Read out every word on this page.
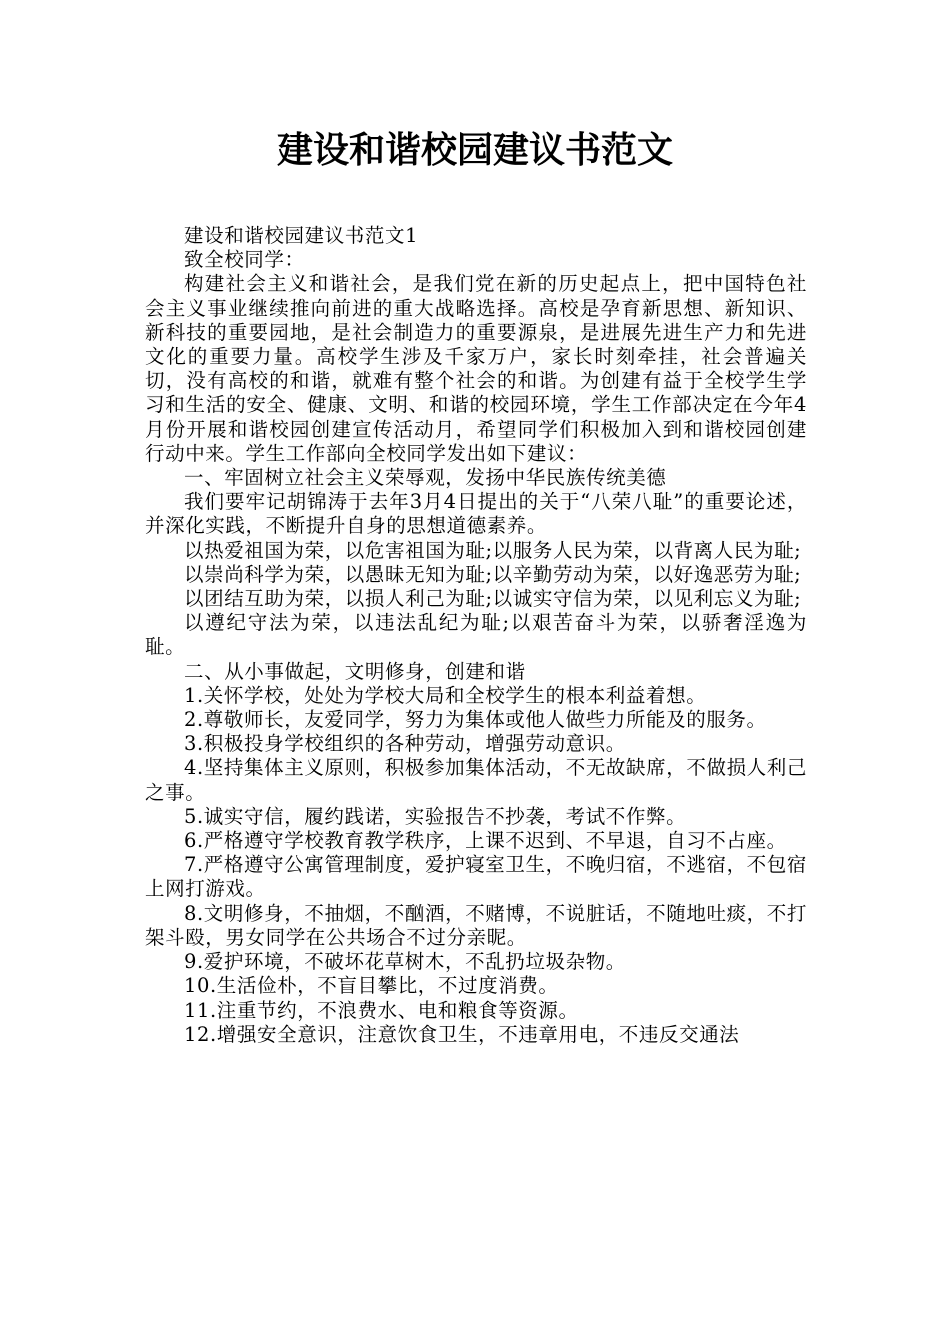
建设和谐校园建议书范文

建设和谐校园建议书范文1

致全校同学：

构建社会主义和谐社会，是我们党在新的历史起点上，把中国特色社会主义事业继续推向前进的重大战略选择。高校是孕育新思想、新知识、新科技的重要园地，是社会制造力的重要源泉，是进展先进生产力和先进文化的重要力量。高校学生涉及千家万户，家长时刻牵挂，社会普遍关切，没有高校的和谐，就难有整个社会的和谐。为创建有益于全校学生学习和生活的安全、健康、文明、和谐的校园环境，学生工作部决定在今年4月份开展和谐校园创建宣传活动月，希望同学们积极加入到和谐校园创建行动中来。学生工作部向全校同学发出如下建议：

一、牢固树立社会主义荣辱观，发扬中华民族传统美德

我们要牢记胡锦涛于去年3月4日提出的关于“八荣八耻”的重要论述，并深化实践，不断提升自身的思想道德素养。

以热爱祖国为荣，以危害祖国为耻;以服务人民为荣，以背离人民为耻;

以崇尚科学为荣，以愚昧无知为耻;以辛勤劳动为荣，以好逸恶劳为耻;

以团结互助为荣，以损人利己为耻;以诚实守信为荣，以见利忘义为耻;

以遵纪守法为荣，以违法乱纪为耻;以艰苦奋斗为荣，以骄奢淫逸为耻。

二、从小事做起，文明修身，创建和谐

1.关怀学校，处处为学校大局和全校学生的根本利益着想。

2.尊敬师长，友爱同学，努力为集体或他人做些力所能及的服务。

3.积极投身学校组织的各种劳动，增强劳动意识。

4.坚持集体主义原则，积极参加集体活动，不无故缺席，不做损人利己之事。

5.诚实守信，履约践诺，实验报告不抄袭，考试不作弊。

6.严格遵守学校教育教学秩序，上课不迟到、不早退，自习不占座。

7.严格遵守公寓管理制度，爱护寝室卫生，不晚归宿，不逃宿，不包宿上网打游戏。

8.文明修身，不抽烟，不酗酒，不赌博，不说脏话，不随地吐痰，不打架斗殴，男女同学在公共场合不过分亲昵。

9.爱护环境，不破坏花草树木，不乱扔垃圾杂物。

10.生活俭朴，不盲目攀比，不过度消费。

11.注重节约，不浪费水、电和粮食等资源。

12.增强安全意识，注意饮食卫生，不违章用电，不违反交通法
